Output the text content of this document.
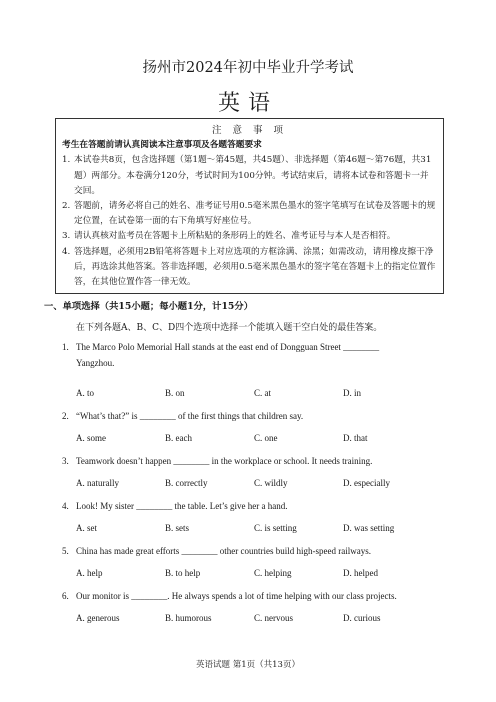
扬州市2024年初中毕业升学考试
英语
注 意 事 项
考生在答题前请认真阅读本注意事项及各题答题要求
1. 本试卷共8页，包含选择题（第1题～第45题，共45题）、非选择题（第46题～第76题，共31题）两部分。本卷满分120分，考试时间为100分钟。考试结束后，请将本试卷和答题卡一并交回。
2. 答题前，请务必将自己的姓名、准考证号用0.5毫米黑色墨水的签字笔填写在试卷及答题卡的规定位置，在试卷第一面的右下角填写好座位号。
3. 请认真核对监考员在答题卡上所粘贴的条形码上的姓名、准考证号与本人是否相符。
4. 答选择题，必须用2B铅笔将答题卡上对应选项的方框涂满、涂黑；如需改动，请用橡皮擦干净后，再选涂其他答案。答非选择题，必须用0.5毫米黑色墨水的签字笔在答题卡上的指定位置作答，在其他位置作答一律无效。
一、单项选择（共15小题；每小题1分，计15分）
在下列各题A、B、C、D四个选项中选择一个能填入题干空白处的最佳答案。
1. The Marco Polo Memorial Hall stands at the east end of Dongguan Street ________
Yangzhou.
A. to	B. on	C. at	D. in
2. “What’s that?” is ________ of the first things that children say.
A. some	B. each	C. one	D. that
3. Teamwork doesn’t happen ________ in the workplace or school. It needs training.
A. naturally	B. correctly	C. wildly	D. especially
4. Look! My sister ________ the table. Let’s give her a hand.
A. set	B. sets	C. is setting	D. was setting
5. China has made great efforts ________ other countries build high-speed railways.
A. help	B. to help	C. helping	D. helped
6. Our monitor is ________. He always spends a lot of time helping with our class projects.
A. generous	B. humorous	C. nervous	D. curious
英语试题 第1页（共13页）
